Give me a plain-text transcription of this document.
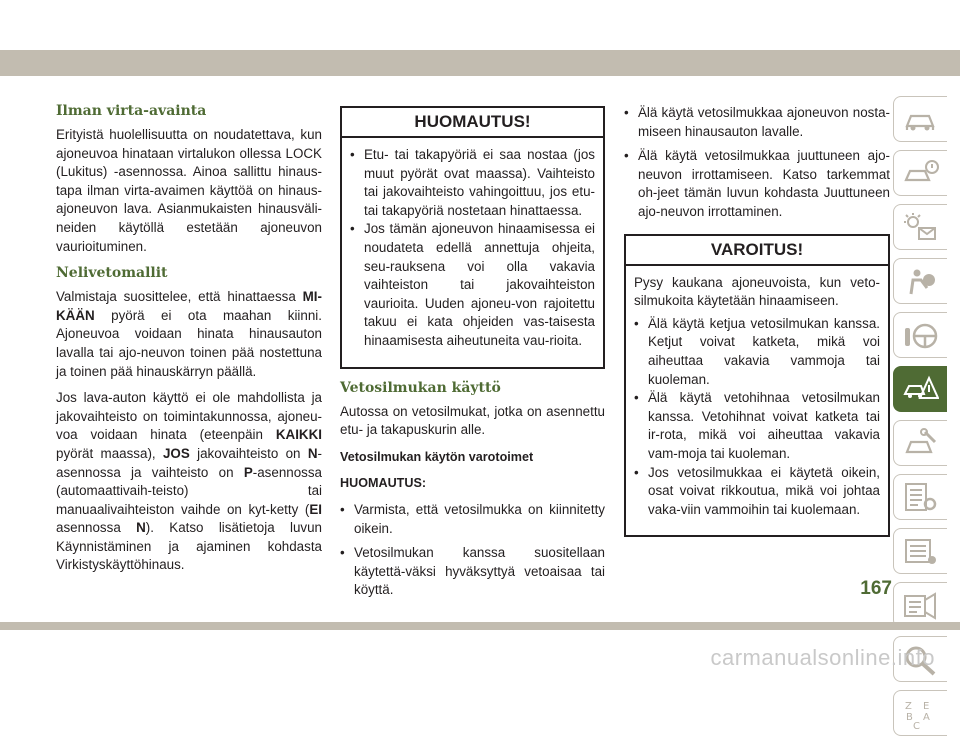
Ilman virta-avainta

Erityistä huolellisuutta on noudatettava, kun ajoneuvoa hinataan virtalukon ollessa LOCK (Lukitus) -asennossa. Ainoa sallittu hinaus-tapa ilman virta-avaimen käyttöä on hinaus-ajoneuvon lava. Asianmukaisten hinausväli-neiden käytöllä estetään ajoneuvon vaurioituminen.

Nelivetomallit

Valmistaja suosittelee, että hinattaessa MI-KÄÄN pyörä ei ota maahan kiinni. Ajoneuvoa voidaan hinata hinausauton lavalla tai ajo-neuvon toinen pää nostettuna ja toinen pää hinauskärryn päällä.

Jos lava-auton käyttö ei ole mahdollista ja jakovaihteisto on toimintakunnossa, ajoneu-voa voidaan hinata (eteenpäin KAIKKI pyörät maassa), JOS jakovaihteisto on N-asennossa ja vaihteisto on P-asennossa (automaattivaih-teisto) tai manuaalivaihteiston vaihde on kyt-ketty (EI asennossa N). Katso lisätietoja luvun Käynnistäminen ja ajaminen kohdasta Virkistyskäyttöhinaus.

HUOMAUTUS!
• Etu- tai takapyöriä ei saa nostaa (jos muut pyörät ovat maassa). Vaihteisto tai jakovaihteisto vahingoittuu, jos etu- tai takapyöriä nostetaan hinattaessa.
• Jos tämän ajoneuvon hinaamisessa ei noudateta edellä annettuja ohjeita, seu-rauksena voi olla vakavia vaihteiston tai jakovaihteiston vaurioita. Uuden ajoneu-von rajoitettu takuu ei kata ohjeiden vas-taisesta hinaamisesta aiheutuneita vau-rioita.
Vetosilmukan käyttö

Autossa on vetosilmukat, jotka on asennettu etu- ja takapuskurin alle.

Vetosilmukan käytön varotoimet
HUOMAUTUS:
• Varmista, että vetosilmukka on kiinnitetty oikein.
• Vetosilmukan kanssa suositellaan käytettä-väksi hyväksyttyä vetoaisaa tai köyttä.
• Älä käytä vetosilmukkaa ajoneuvon nosta-miseen hinausauton lavalle.
• Älä käytä vetosilmukkaa juuttuneen ajo-neuvon irrottamiseen. Katso tarkemmat oh-jeet tämän luvun kohdasta Juuttuneen ajo-neuvon irrottaminen.
VAROITUS!

Pysy kaukana ajoneuvoista, kun veto-silmukoita käytetään hinaamiseen.

• Älä käytä ketjua vetosilmukan kanssa. Ketjut voivat katketa, mikä voi aiheuttaa vakavia vammoja tai kuoleman.
• Älä käytä vetohihnaa vetosilmukan kanssa. Vetohihnat voivat katketa tai ir-rota, mikä voi aiheuttaa vakavia vam-moja tai kuoleman.
• Jos vetosilmukkaa ei käytetä oikein, osat voivat rikkoutua, mikä voi johtaa vaka-viin vammoihin tai kuolemaan.
Z E
B A
C
167
carmanualsonline.info
